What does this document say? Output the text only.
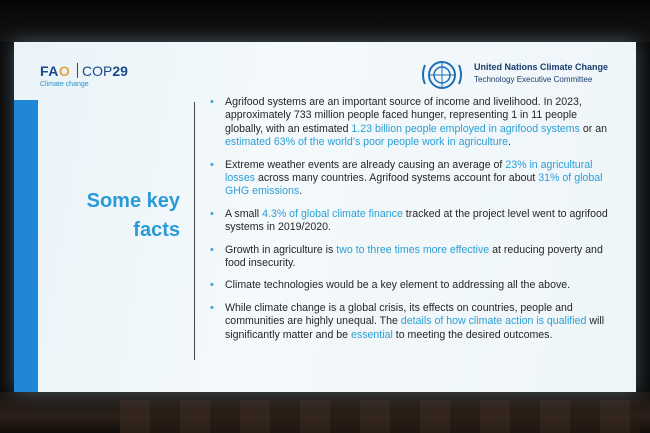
FAO COP29
Climate change
United Nations Climate Change
Technology Executive Committee
Some key
facts
• Agrifood systems are an important source of income and livelihood. In 2023, approximately 733 million people faced hunger, representing 1 in 11 people globally, with an estimated 1.23 billion people employed in agrifood systems or an estimated 63% of the world’s poor people work in agriculture.
• Extreme weather events are already causing an average of 23% in agricultural losses across many countries. Agrifood systems account for about 31% of global GHG emissions.
• A small 4.3% of global climate finance tracked at the project level went to agrifood systems in 2019/2020.
• Growth in agriculture is two to three times more effective at reducing poverty and food insecurity.
• Climate technologies would be a key element to addressing all the above.
• While climate change is a global crisis, its effects on countries, people and communities are highly unequal. The details of how climate action is qualified will significantly matter and be essential to meeting the desired outcomes.
